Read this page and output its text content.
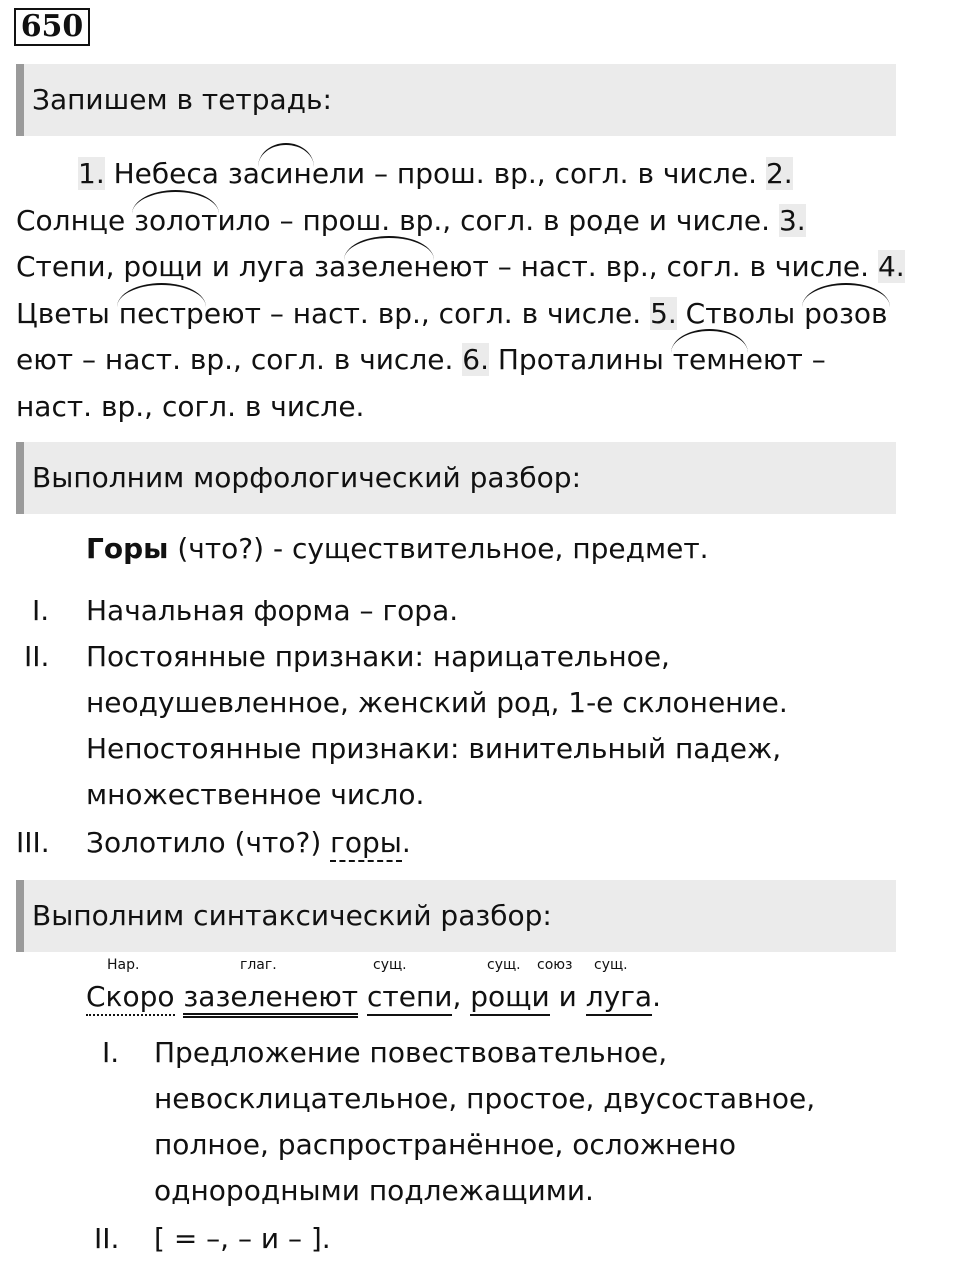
650
Запишем в тетрадь:
1. Небеса засинели – прош. вр., согл. в числе. 2. Солнце золотило – прош. вр., согл. в роде и числе. 3. Степи, рощи и луга зазеленеют – наст. вр., согл. в числе. 4. Цветы пестреют – наст. вр., согл. в числе. 5. Стволы розовеют – наст. вр., согл. в числе. 6. Проталины темнеют – наст. вр., согл. в числе.
Выполним морфологический разбор:
Горы (что?) - существительное, предмет.
I. Начальная форма – гора.
II. Постоянные признаки: нарицательное,
неодушевленное, женский род, 1-е склонение.
Непостоянные признаки: винительный падеж,
множественное число.
III. Золотило (что?) горы.
Выполним синтаксический разбор:
Нар.	глаг.	сущ.	сущ. союз сущ.
Скоро зазеленеют степи, рощи и луга.
I. Предложение повествовательное,
невосклицательное, простое, двусоставное,
полное, распространённое, осложнено
однородными подлежащими.
II. [ = –, – и – ].
